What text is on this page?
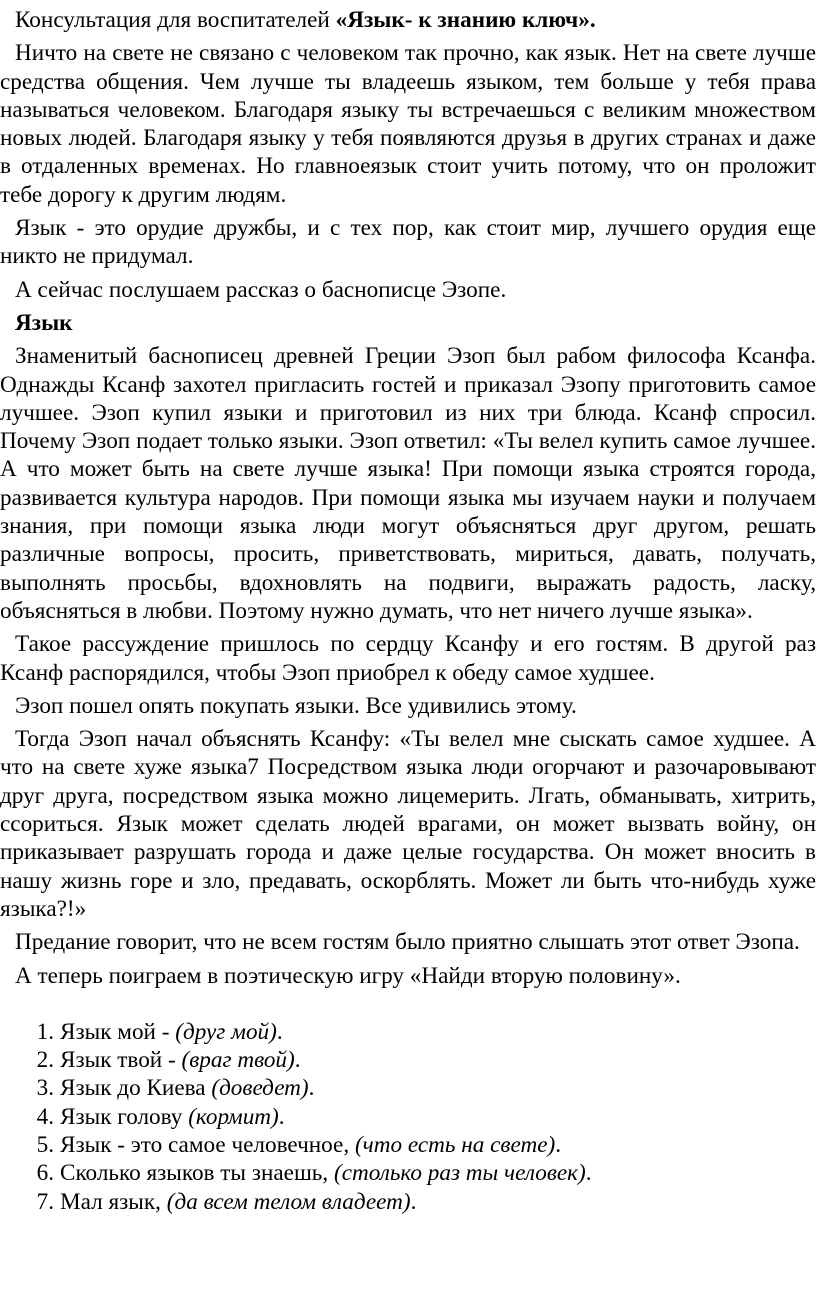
Консультация для воспитателей «Язык- к знанию ключ».

Ничто на свете не связано с человеком так прочно, как язык. Нет на свете лучше средства общения. Чем лучше ты владеешь языком, тем больше у тебя права называться человеком. Благодаря языку ты встречаешься с великим множеством новых людей. Благодаря языку у тебя появляются друзья в других странах и даже в отдаленных временах. Но главноеязык стоит учить потому, что он проложит тебе дорогу к другим людям.

Язык - это орудие дружбы, и с тех пор, как стоит мир, лучшего орудия еще никто не придумал.

А сейчас послушаем рассказ о баснописце Эзопе.

Язык

Знаменитый баснописец древней Греции Эзоп был рабом философа Ксанфа. Однажды Ксанф захотел пригласить гостей и приказал Эзопу приготовить самое лучшее. Эзоп купил языки и приготовил из них три блюда. Ксанф спросил. Почему Эзоп подает только языки. Эзоп ответил: «Ты велел купить самое лучшее. А что может быть на свете лучше языка! При помощи языка строятся города, развивается культура народов. При помощи языка мы изучаем науки и получаем знания, при помощи языка люди могут объясняться друг другом, решать различные вопросы, просить, приветствовать, мириться, давать, получать, выполнять просьбы, вдохновлять на подвиги, выражать радость, ласку, объясняться в любви. Поэтому нужно думать, что нет ничего лучше языка».

Такое рассуждение пришлось по сердцу Ксанфу и его гостям. В другой раз Ксанф распорядился, чтобы Эзоп приобрел к обеду самое худшее.

Эзоп пошел опять покупать языки. Все удивились этому.

Тогда Эзоп начал объяснять Ксанфу: «Ты велел мне сыскать самое худшее. А что на свете хуже языка7 Посредством языка люди огорчают и разочаровывают друг друга, посредством языка можно лицемерить. Лгать, обманывать, хитрить, ссориться. Язык может сделать людей врагами, он может вызвать войну, он приказывает разрушать города и даже целые государства. Он может вносить в нашу жизнь горе и зло, предавать, оскорблять. Может ли быть что-нибудь хуже языка?!»

Предание говорит, что не всем гостям было приятно слышать этот ответ Эзопа.

А теперь поиграем в поэтическую игру «Найди вторую половину».

1. Язык мой - (друг мой).
2. Язык твой - (враг твой).
3. Язык до Киева (доведет).
4. Язык голову (кормит).
5. Язык - это самое человечное, (что есть на свете).
6. Сколько языков ты знаешь, (столько раз ты человек).
7. Мал язык, (да всем телом владеет).
